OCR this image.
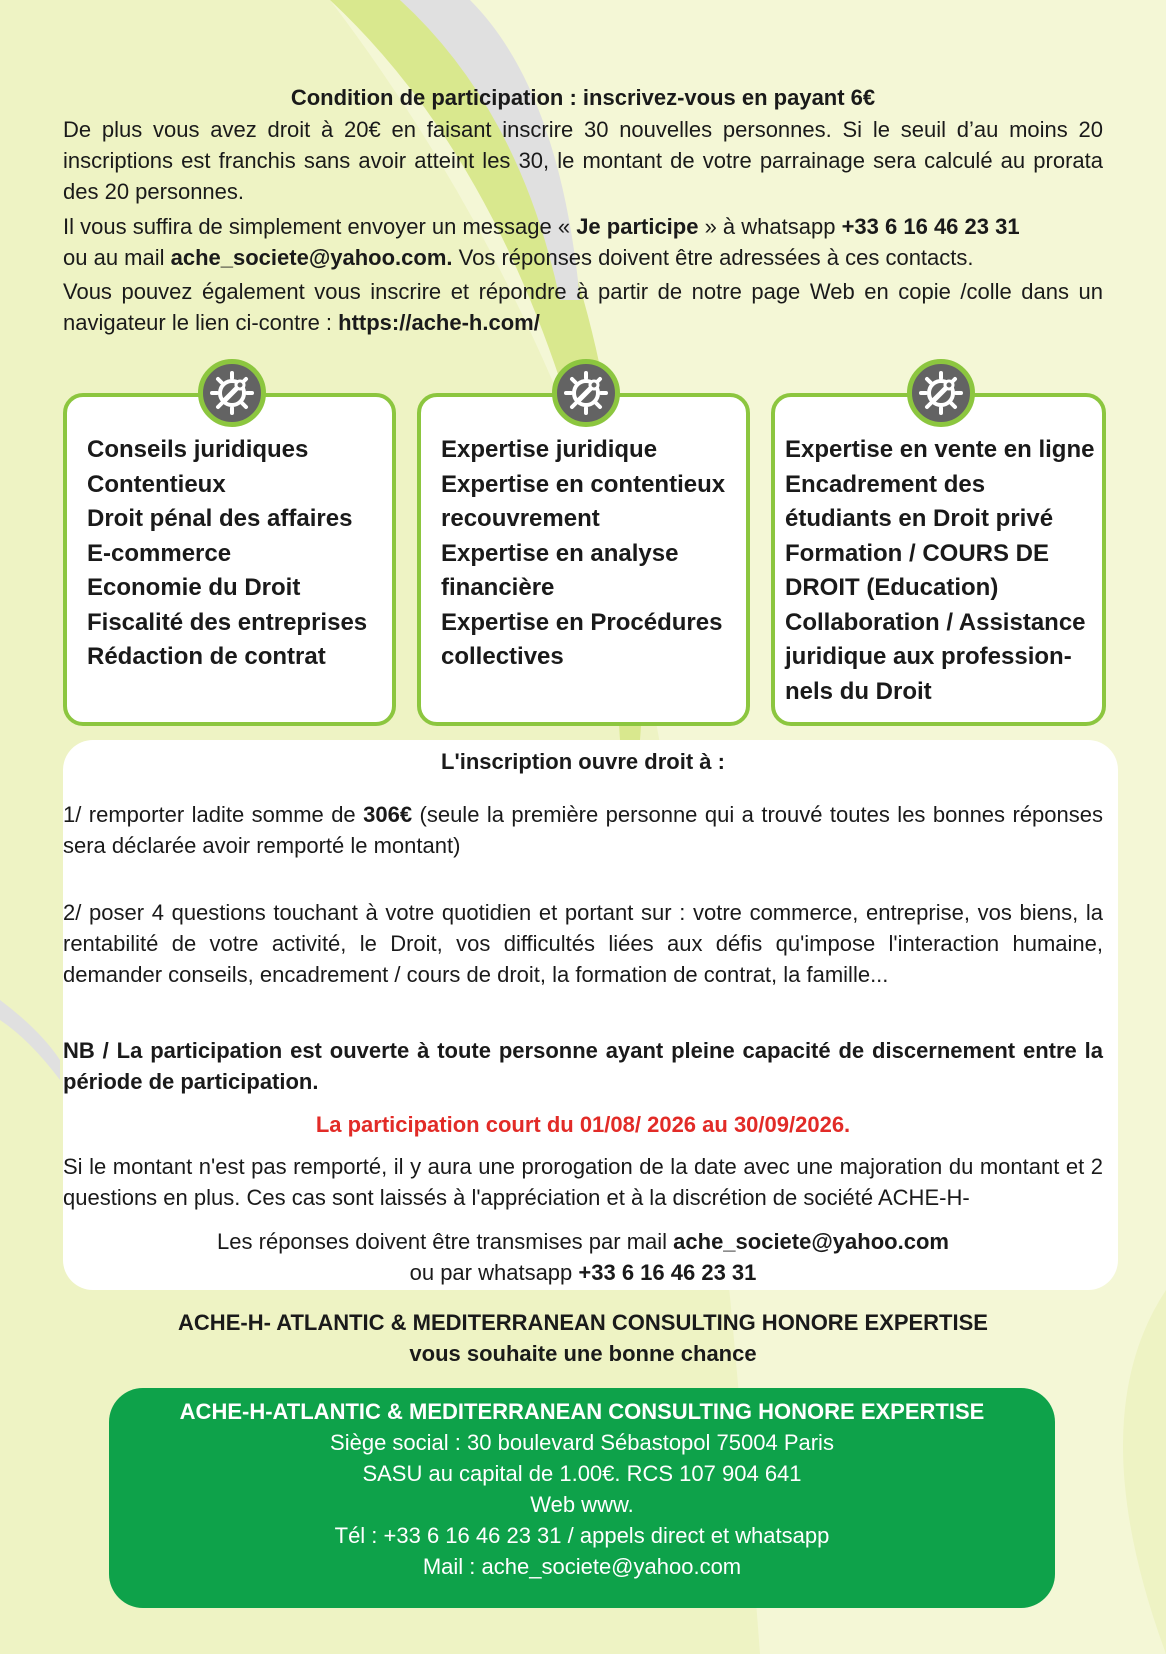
Condition de participation : inscrivez-vous en payant 6€

De plus vous avez droit à 20€ en faisant inscrire 30 nouvelles personnes. Si le seuil d’au moins 20 inscriptions est franchis sans avoir atteint les 30, le montant de votre parrainage sera calculé au prorata des 20 personnes.

Il vous suffira de simplement envoyer un message « Je participe » à whatsapp +33 6 16 46 23 31
ou au mail ache_societe@yahoo.com. Vos réponses doivent être adressées à ces contacts.

Vous pouvez également vous inscrire et répondre à partir de notre page Web en copie /colle dans un navigateur le lien ci-contre : https://ache-h.com/

Conseils juridiques
Contentieux
Droit pénal des affaires
E-commerce
Economie du Droit
Fiscalité des entreprises
Rédaction de contrat
Expertise juridique
Expertise en contentieux
recouvrement
Expertise en analyse
financière
Expertise en Procédures
collectives
Expertise en vente en ligne
Encadrement des
étudiants en Droit privé
Formation / COURS DE
DROIT (Education)
Collaboration / Assistance
juridique aux profession-
nels du Droit

L'inscription ouvre droit à :

1/ remporter ladite somme de 306€ (seule la première personne qui a trouvé toutes les bonnes réponses sera déclarée avoir remporté le montant)

2/ poser 4 questions touchant à votre quotidien et portant sur : votre commerce, entreprise, vos biens, la rentabilité de votre activité, le Droit, vos difficultés liées aux défis qu'impose l'interaction humaine, demander conseils, encadrement / cours de droit, la formation de contrat, la famille...

NB / La participation est ouverte à toute personne ayant pleine capacité de discernement entre la période de participation.

La participation court du 01/08/ 2026 au 30/09/2026.

Si le montant n'est pas remporté, il y aura une prorogation de la date avec une majoration du montant et 2 questions en plus. Ces cas sont laissés à l'appréciation et à la discrétion de société ACHE-H-

Les réponses doivent être transmises par mail ache_societe@yahoo.com
ou par whatsapp +33 6 16 46 23 31

ACHE-H- ATLANTIC & MEDITERRANEAN CONSULTING HONORE EXPERTISE
vous souhaite une bonne chance

ACHE-H-ATLANTIC & MEDITERRANEAN CONSULTING HONORE EXPERTISE
Siège social : 30 boulevard Sébastopol 75004 Paris
SASU au capital de 1.00€. RCS 107 904 641
Web www.
Tél : +33 6 16 46 23 31 / appels direct et whatsapp
Mail : ache_societe@yahoo.com
